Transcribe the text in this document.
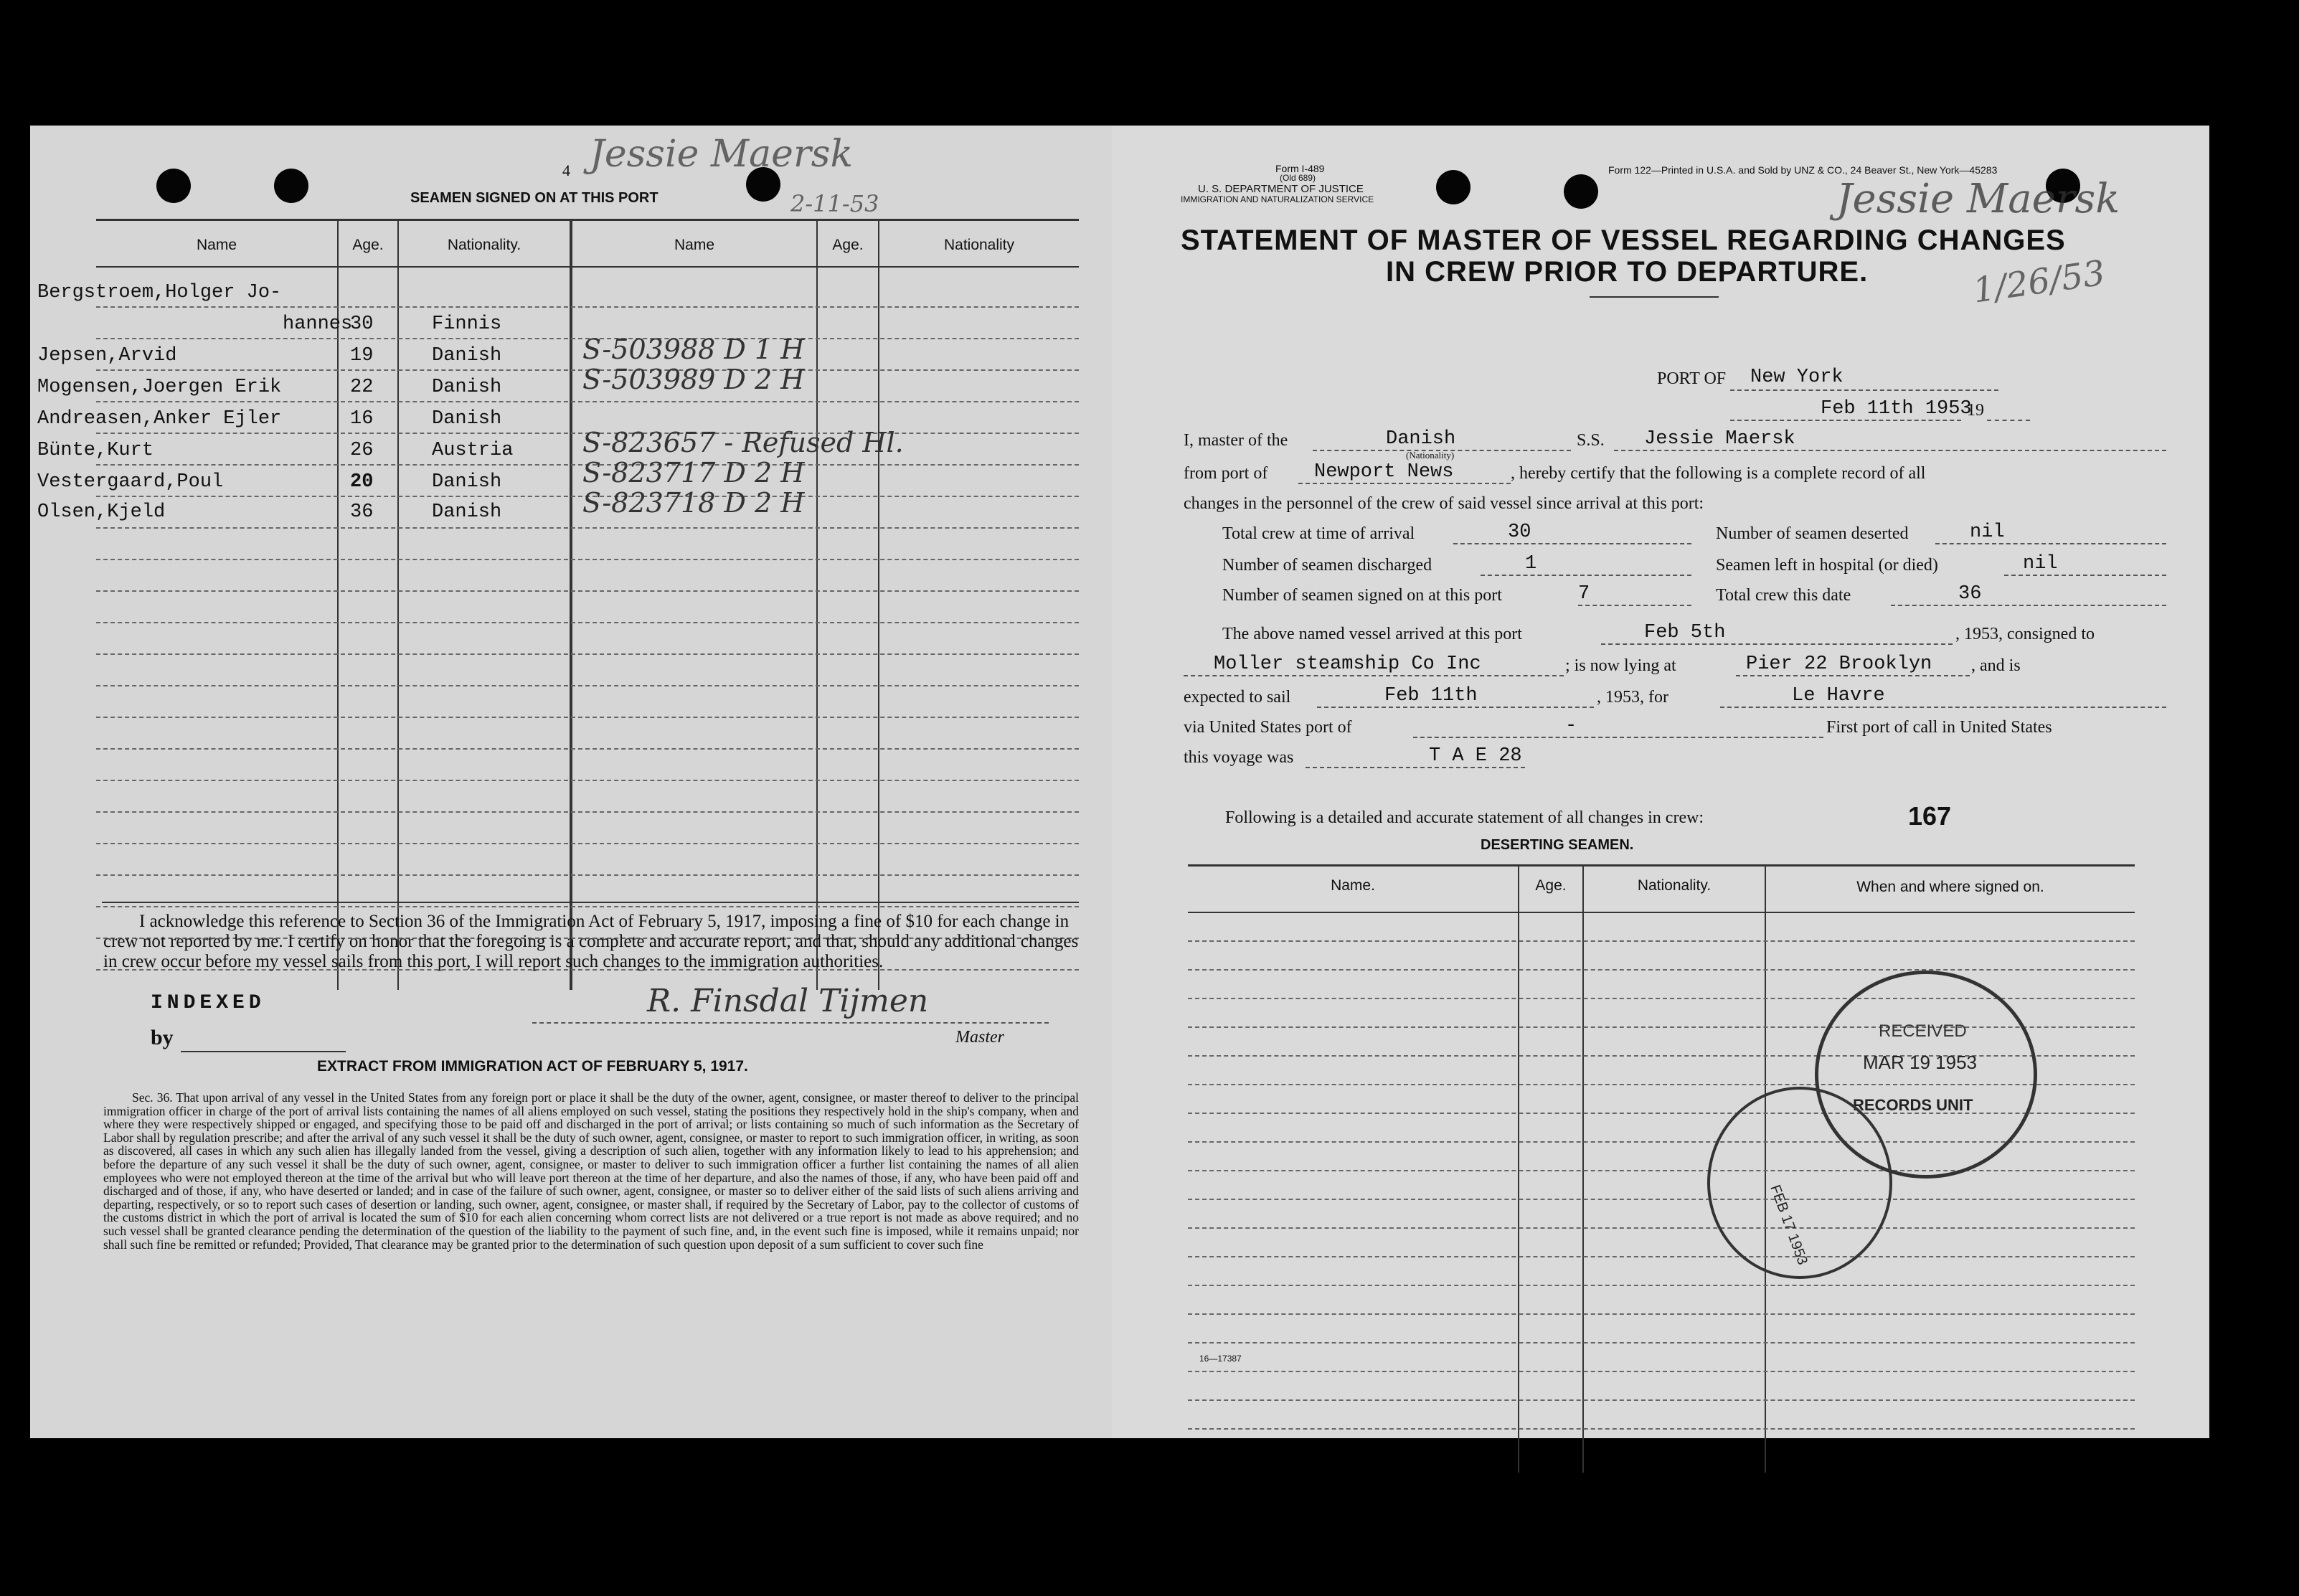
4 Jessie Maersk
2-11-53
SEAMEN SIGNED ON AT THIS PORT
Name	Age.	Nationality.	Name	Age.	Nationality
Bergstroem,Holger Jo-
hannes
30	Finnis
Jepsen,Arvid	19	Danish	S-503988 D 1 H
Mogensen,Joergen Erik	22	Danish	S-503989 D 2 H
Andreasen,Anker Ejler	16	Danish
Bünte,Kurt	26	Austria	S-823657 - Refused Hl.
Vestergaard,Poul	20	Danish	S-823717 D 2 H
Olsen,Kjeld	36	Danish	S-823718 D 2 H
I acknowledge this reference to Section 36 of the Immigration Act of February 5, 1917, imposing a fine of $10 for each change in crew not reported by me. I certify on honor that the foregoing is a complete and accurate report, and that, should any additional changes in crew occur before my vessel sails from this port, I will report such changes to the immigration authorities.
INDEXED
by
R. Finsdal Tijmen
Master
EXTRACT FROM IMMIGRATION ACT OF FEBRUARY 5, 1917.
Sec. 36. That upon arrival of any vessel in the United States from any foreign port or place it shall be the duty of the owner, agent, consignee, or master thereof to deliver to the principal immigration officer in charge of the port of arrival lists containing the names of all aliens employed on such vessel, stating the positions they respectively hold in the ship's company, when and where they were respectively shipped or engaged, and specifying those to be paid off and discharged in the port of arrival; or lists containing so much of such information as the Secretary of Labor shall by regulation prescribe; and after the arrival of any such vessel it shall be the duty of such owner, agent, consignee, or master to report to such immigration officer, in writing, as soon as discovered, all cases in which any such alien has illegally landed from the vessel, giving a description of such alien, together with any information likely to lead to his apprehension; and before the departure of any such vessel it shall be the duty of such owner, agent, consignee, or master to deliver to such immigration officer a further list containing the names of all alien employees who were not employed thereon at the time of the arrival but who will leave port thereon at the time of her departure, and also the names of those, if any, who have been paid off and discharged and of those, if any, who have deserted or landed; and in case of the failure of such owner, agent, consignee, or master so to deliver either of the said lists of such aliens arriving and departing, respectively, or so to report such cases of desertion or landing, such owner, agent, consignee, or master shall, if required by the Secretary of Labor, pay to the collector of customs of the customs district in which the port of arrival is located the sum of $10 for each alien concerning whom correct lists are not delivered or a true report is not made as above required; and no such vessel shall be granted clearance pending the determination of the question of the liability to the payment of such fine, and, in the event such fine is imposed, while it remains unpaid; nor shall such fine be remitted or refunded; Provided, That clearance may be granted prior to the determination of such question upon deposit of a sum sufficient to cover such fine
Form I-489
(Old 689)
U. S. DEPARTMENT OF JUSTICE
IMMIGRATION AND NATURALIZATION SERVICE
Form 122—Printed in U.S.A. and Sold by UNZ & CO., 24 Beaver St., New York—45283
Jessie Maersk
1/26/53
STATEMENT OF MASTER OF VESSEL REGARDING CHANGES
IN CREW PRIOR TO DEPARTURE.
PORT OF New York
Feb 11th 1953
19
I, master of the	Danish
(Nationality)
S.S. Jessie Maersk
from port of Newport News	, hereby certify that the following is a complete record of all
changes in the personnel of the crew of said vessel since arrival at this port:
Total crew at time of arrival	30	Number of seamen deserted	nil
Number of seamen discharged	1	Seamen left in hospital (or died)	nil
Number of seamen signed on at this port	7	Total crew this date	36
The above named vessel arrived at this port	Feb 5th	, 1953, consigned to
Moller steamship Co Inc	; is now lying at	Pier 22 Brooklyn , and is
expected to sail	Feb 11th	, 1953, for	Le Havre
via United States port of	-	First port of call in United States
this voyage was	T A E 28
Following is a detailed and accurate statement of all changes in crew:	167
DESERTING SEAMEN.
Name.	Age.	Nationality.	When and where signed on.
RECEIVED
MAR 19 1953
RECORDS UNIT
FEB 17 1953
16—17387
